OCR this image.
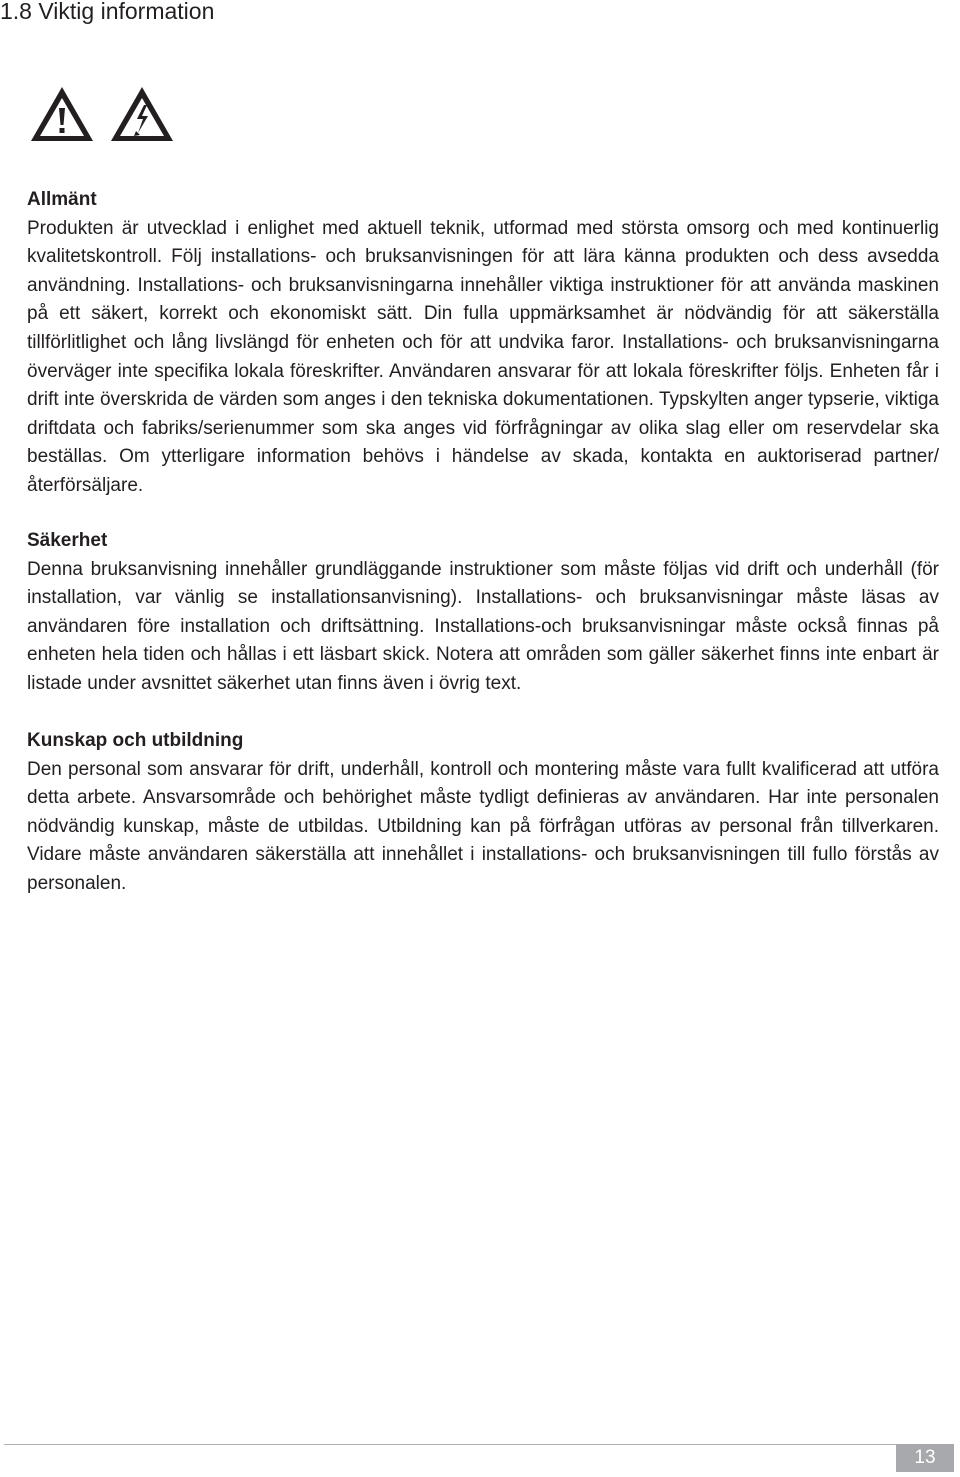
1.8 Viktig information

Allmänt

Produkten är utvecklad i enlighet med aktuell teknik, utformad med största omsorg och med kontinuerlig kvalitetskontroll. Följ installations- och bruksanvisningen för att lära känna produkten och dess avsedda användning. Installations- och bruksanvisningarna innehåller viktiga instruktioner för att använda maskinen på ett säkert, korrekt och ekonomiskt sätt. Din fulla uppmärksamhet är nödvändig för att säkerställa tillförlitlighet och lång livslängd för enheten och för att undvika faror. Installations- och bruksanvisningarna överväger inte specifika lokala föreskrifter. Användaren ansvarar för att lokala föreskrifter följs. Enheten får i drift inte överskrida de värden som anges i den tekniska dokumentationen. Typskylten anger typserie, viktiga driftdata och fabriks/serienummer som ska anges vid förfrågningar av olika slag eller om reservdelar ska beställas. Om ytterligare information behövs i händelse av skada, kontakta en auktoriserad partner/återförsäljare.

Säkerhet

Denna bruksanvisning innehåller grundläggande instruktioner som måste följas vid drift och underhåll (för installation, var vänlig se installationsanvisning). Installations- och bruksanvisningar måste läsas av användaren före installation och driftsättning. Installations-och bruksanvisningar måste också finnas på enheten hela tiden och hållas i ett läsbart skick. Notera att områden som gäller säkerhet finns inte enbart är listade under avsnittet säkerhet utan finns även i övrig text.

Kunskap och utbildning

Den personal som ansvarar för drift, underhåll, kontroll och montering måste vara fullt kvalificerad att utföra detta arbete. Ansvarsområde och behörighet måste tydligt definieras av användaren. Har inte personalen nödvändig kunskap, måste de utbildas. Utbildning kan på förfrågan utföras av personal från tillverkaren. Vidare måste användaren säkerställa att innehållet i installations- och bruksanvisningen till fullo förstås av personalen.

13
